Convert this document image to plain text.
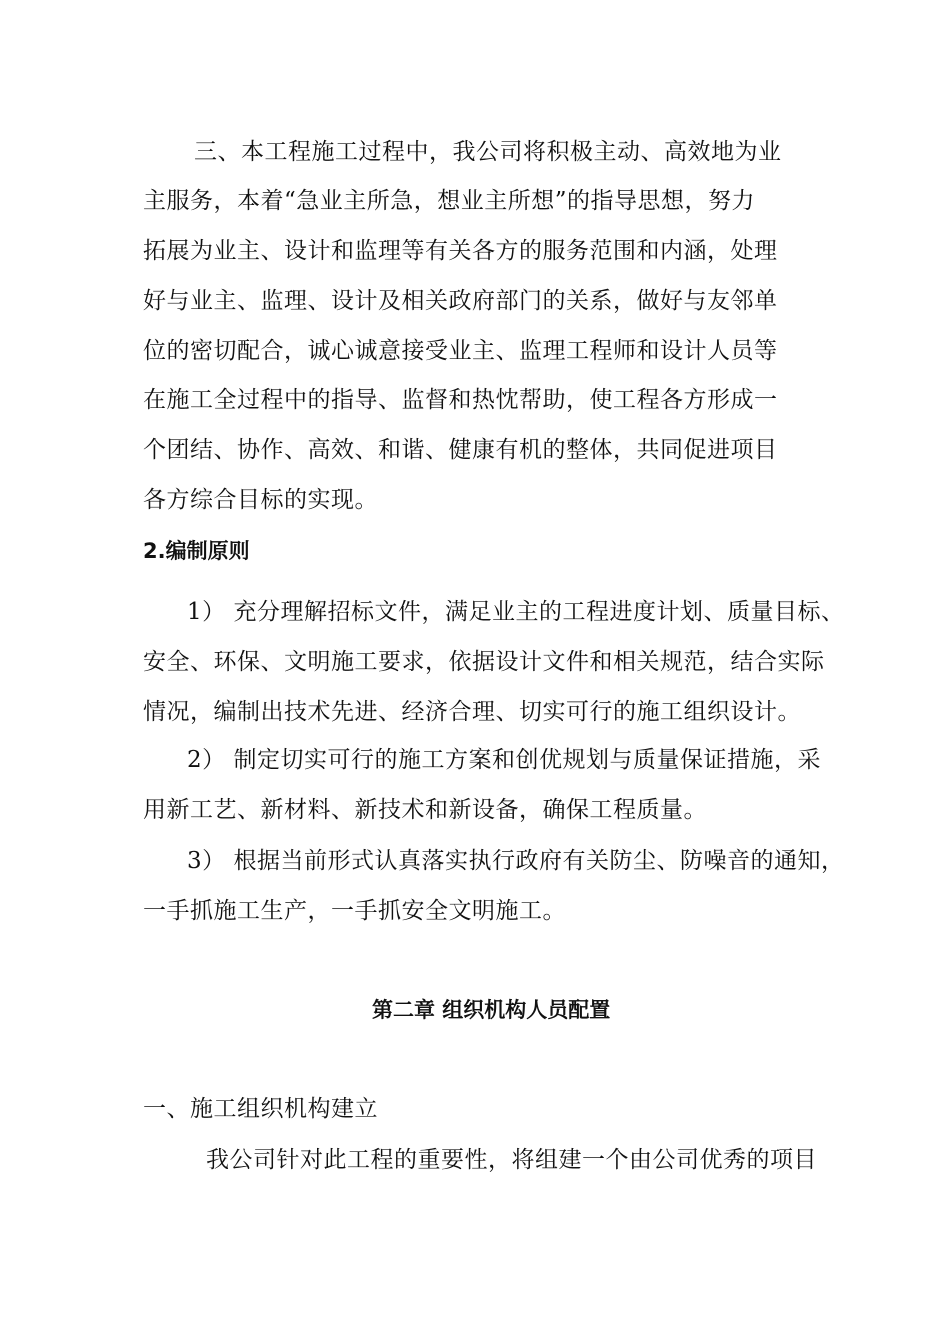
三、本工程施工过程中，我公司将积极主动、高效地为业
主服务，本着“急业主所急，想业主所想”的指导思想，努力
拓展为业主、设计和监理等有关各方的服务范围和内涵，处理
好与业主、监理、设计及相关政府部门的关系，做好与友邻单
位的密切配合，诚心诚意接受业主、监理工程师和设计人员等
在施工全过程中的指导、监督和热忱帮助，使工程各方形成一
个团结、协作、高效、和谐、健康有机的整体，共同促进项目
各方综合目标的实现。
2.编制原则
1） 充分理解招标文件，满足业主的工程进度计划、质量目标、
安全、环保、文明施工要求，依据设计文件和相关规范，结合实际
情况，编制出技术先进、经济合理、切实可行的施工组织设计。
2） 制定切实可行的施工方案和创优规划与质量保证措施，采
用新工艺、新材料、新技术和新设备，确保工程质量。
3） 根据当前形式认真落实执行政府有关防尘、防噪音的通知，
一手抓施工生产，一手抓安全文明施工。
第二章 组织机构人员配置
一、施工组织机构建立
我公司针对此工程的重要性，将组建一个由公司优秀的项目
